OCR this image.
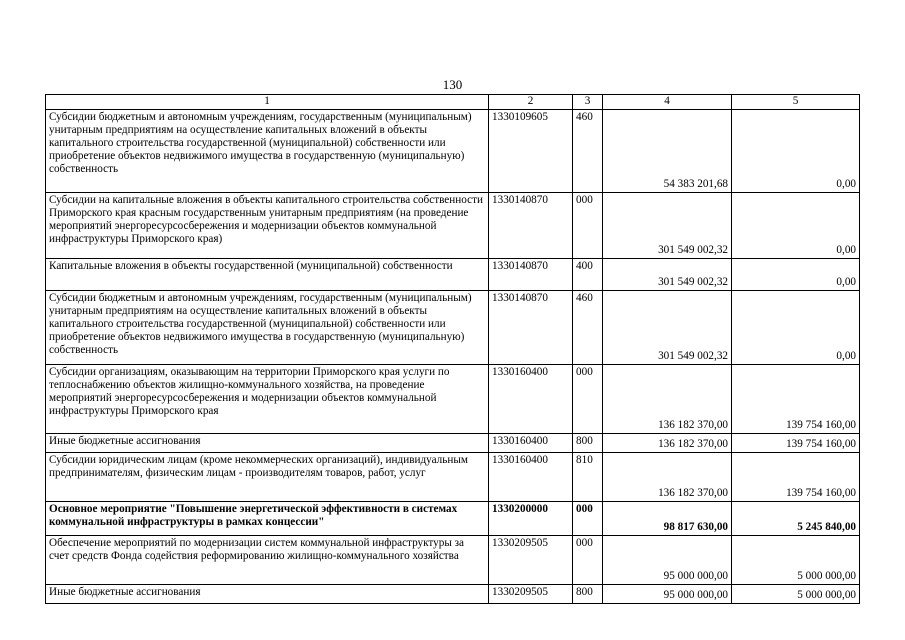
130
1	2	3	4	5
Субсидии бюджетным и автономным учреждениям, государственным (муниципальным) унитарным предприятиям на осуществление капитальных вложений в объекты капитального строительства государственной (муниципальной) собственности или приобретение объектов недвижимого имущества в государственную (муниципальную) собственность	1330109605	460	54 383 201,68	0,00
Субсидии на капитальные вложения в объекты капитального строительства собственности Приморского края красным государственным унитарным предприятиям (на проведение мероприятий энергоресурсосбережения и модернизации объектов коммунальной инфраструктуры Приморского края)	1330140870	000	301 549 002,32	0,00
Капитальные вложения в объекты государственной (муниципальной) собственности	1330140870	400	301 549 002,32	0,00
Субсидии бюджетным и автономным учреждениям, государственным (муниципальным) унитарным предприятиям на осуществление капитальных вложений в объекты капитального строительства государственной (муниципальной) собственности или приобретение объектов недвижимого имущества в государственную (муниципальную) собственность	1330140870	460	301 549 002,32	0,00
Субсидии организациям, оказывающим на территории Приморского края услуги по теплоснабжению объектов жилищно-коммунального хозяйства, на проведение мероприятий энергоресурсосбережения и модернизации объектов коммунальной инфраструктуры Приморского края	1330160400	000	136 182 370,00	139 754 160,00
Иные бюджетные ассигнования	1330160400	800	136 182 370,00	139 754 160,00
Субсидии юридическим лицам (кроме некоммерческих организаций), индивидуальным предпринимателям, физическим лицам - производителям товаров, работ, услуг	1330160400	810	136 182 370,00	139 754 160,00
Основное мероприятие "Повышение энергетической эффективности в системах коммунальной инфраструктуры в рамках концессии"	1330200000	000	98 817 630,00	5 245 840,00
Обеспечение мероприятий по модернизации систем коммунальной инфраструктуры за счет средств Фонда содействия реформированию жилищно-коммунального хозяйства	1330209505	000	95 000 000,00	5 000 000,00
Иные бюджетные ассигнования	1330209505	800	95 000 000,00	5 000 000,00
